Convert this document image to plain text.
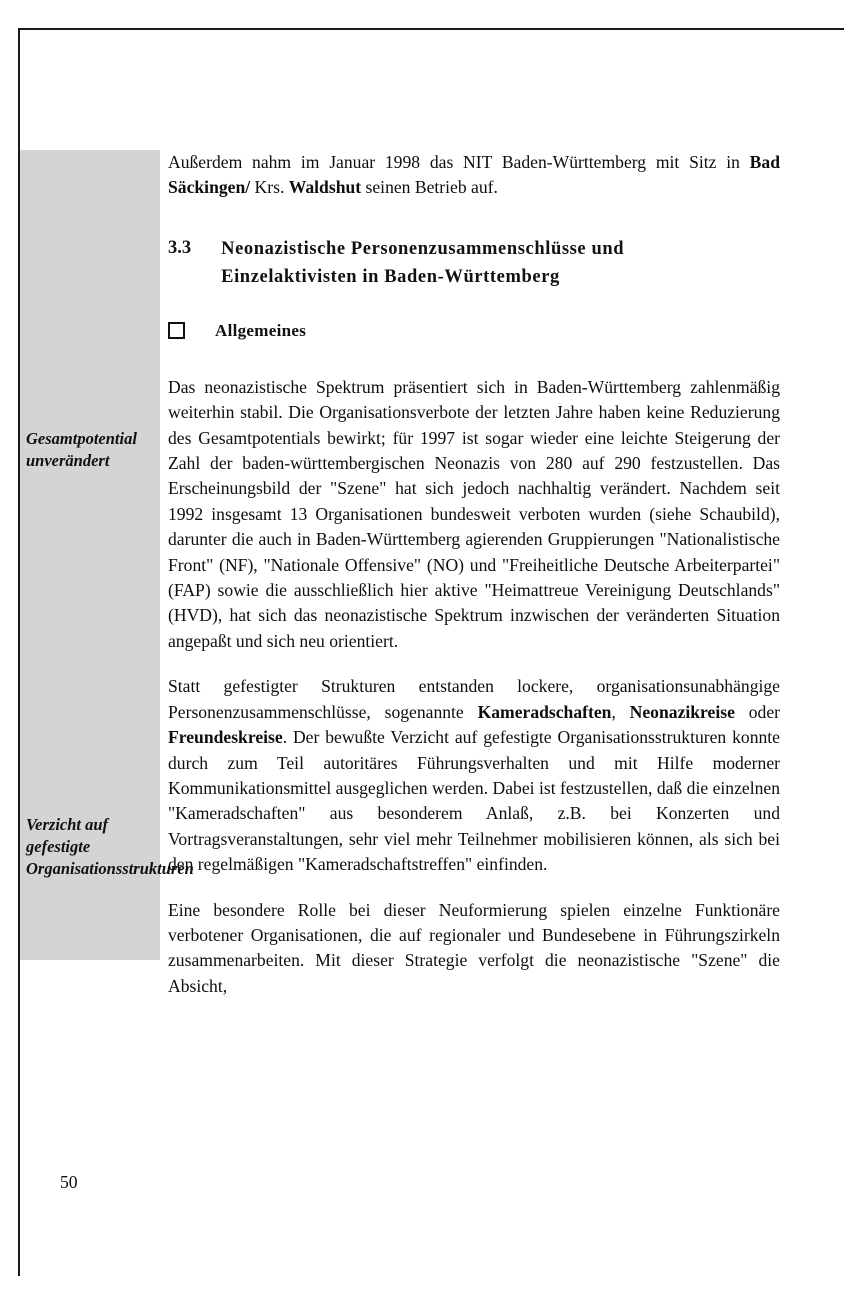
Gesamtpotential unverändert
Verzicht auf gefestigte Organisationsstrukturen

Außerdem nahm im Januar 1998 das NIT Baden-Württemberg mit Sitz in Bad Säckingen/ Krs. Waldshut seinen Betrieb auf.

3.3	Neonazistische Personenzusammenschlüsse und
Einzelaktivisten in Baden-Württemberg
Allgemeines

Das neonazistische Spektrum präsentiert sich in Baden-Württemberg zahlenmäßig weiterhin stabil. Die Organisationsverbote der letzten Jahre haben keine Reduzierung des Gesamtpotentials bewirkt; für 1997 ist sogar wieder eine leichte Steigerung der Zahl der baden-württembergischen Neonazis von 280 auf 290 festzustellen. Das Erscheinungsbild der "Szene" hat sich jedoch nachhaltig verändert. Nachdem seit 1992 insgesamt 13 Organisationen bundesweit verboten wurden (siehe Schaubild), darunter die auch in Baden-Württemberg agierenden Gruppierungen "Nationalistische Front" (NF), "Nationale Offensive" (NO) und "Freiheitliche Deutsche Arbeiterpartei" (FAP) sowie die ausschließlich hier aktive "Heimattreue Vereinigung Deutschlands" (HVD), hat sich das neonazistische Spektrum inzwischen der veränderten Situation angepaßt und sich neu orientiert.

Statt gefestigter Strukturen entstanden lockere, organisationsunabhängige Personenzusammenschlüsse, sogenannte Kameradschaften, Neonazikreise oder Freundeskreise. Der bewußte Verzicht auf gefestigte Organisationsstrukturen konnte durch zum Teil autoritäres Führungsverhalten und mit Hilfe moderner Kommunikationsmittel ausgeglichen werden. Dabei ist festzustellen, daß die einzelnen "Kameradschaften" aus besonderem Anlaß, z.B. bei Konzerten und Vortragsveranstaltungen, sehr viel mehr Teilnehmer mobilisieren können, als sich bei den regelmäßigen "Kameradschaftstreffen" einfinden.

Eine besondere Rolle bei dieser Neuformierung spielen einzelne Funktionäre verbotener Organisationen, die auf regionaler und Bundesebene in Führungszirkeln zusammenarbeiten. Mit dieser Strategie verfolgt die neonazistische "Szene" die Absicht,

50
